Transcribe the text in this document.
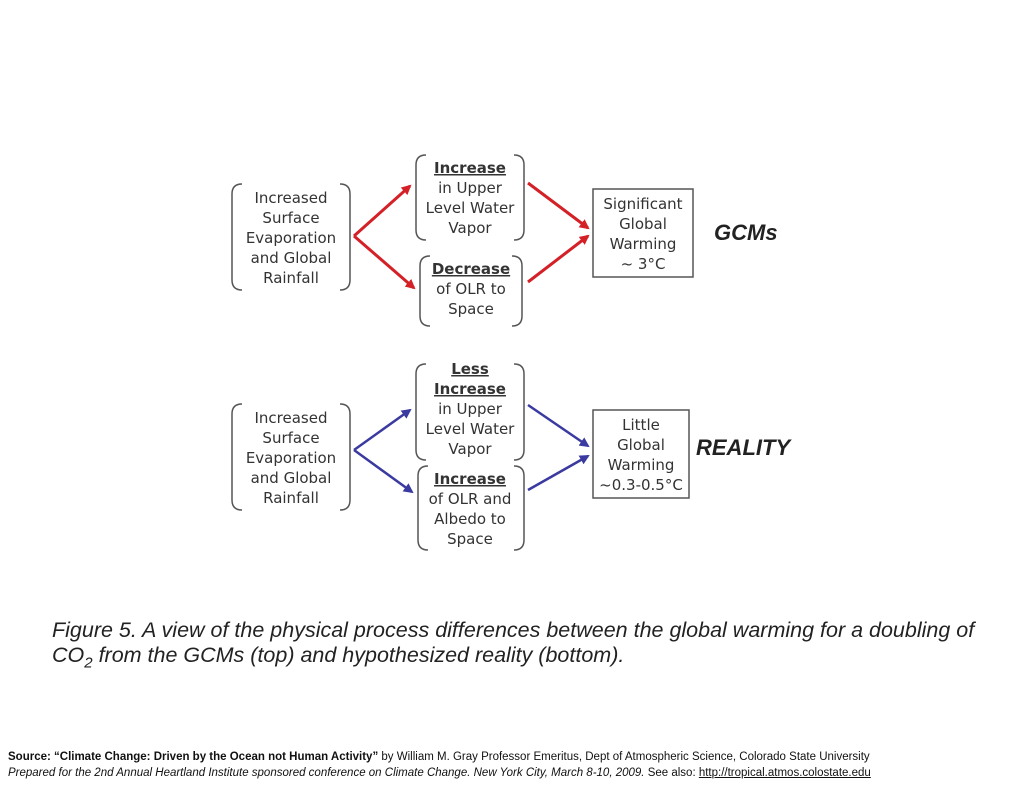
Increased
Surface
Evaporation
and Global
Rainfall
Increase
in Upper
Level Water
Vapor
Decrease
of OLR to
Space
Significant
Global
Warming
~ 3°C
GCMs
Increased
Surface
Evaporation
and Global
Rainfall
Less
Increase
in Upper
Level Water
Vapor
Increase
of OLR and
Albedo to
Space
Little
Global
Warming
~0.3-0.5°C
REALITY
Figure 5. A view of the physical process differences between the global warming for a doubling of
$CO_2$ from the GCMs (top) and hypothesized reality (bottom).
Source: “Climate Change: Driven by the Ocean not Human Activity” by William M. Gray Professor Emeritus, Dept of Atmospheric Science, Colorado State University
Prepared for the 2nd Annual Heartland Institute sponsored conference on Climate Change. New York City, March 8-10, 2009. See also: http://tropical.atmos.colostate.edu
